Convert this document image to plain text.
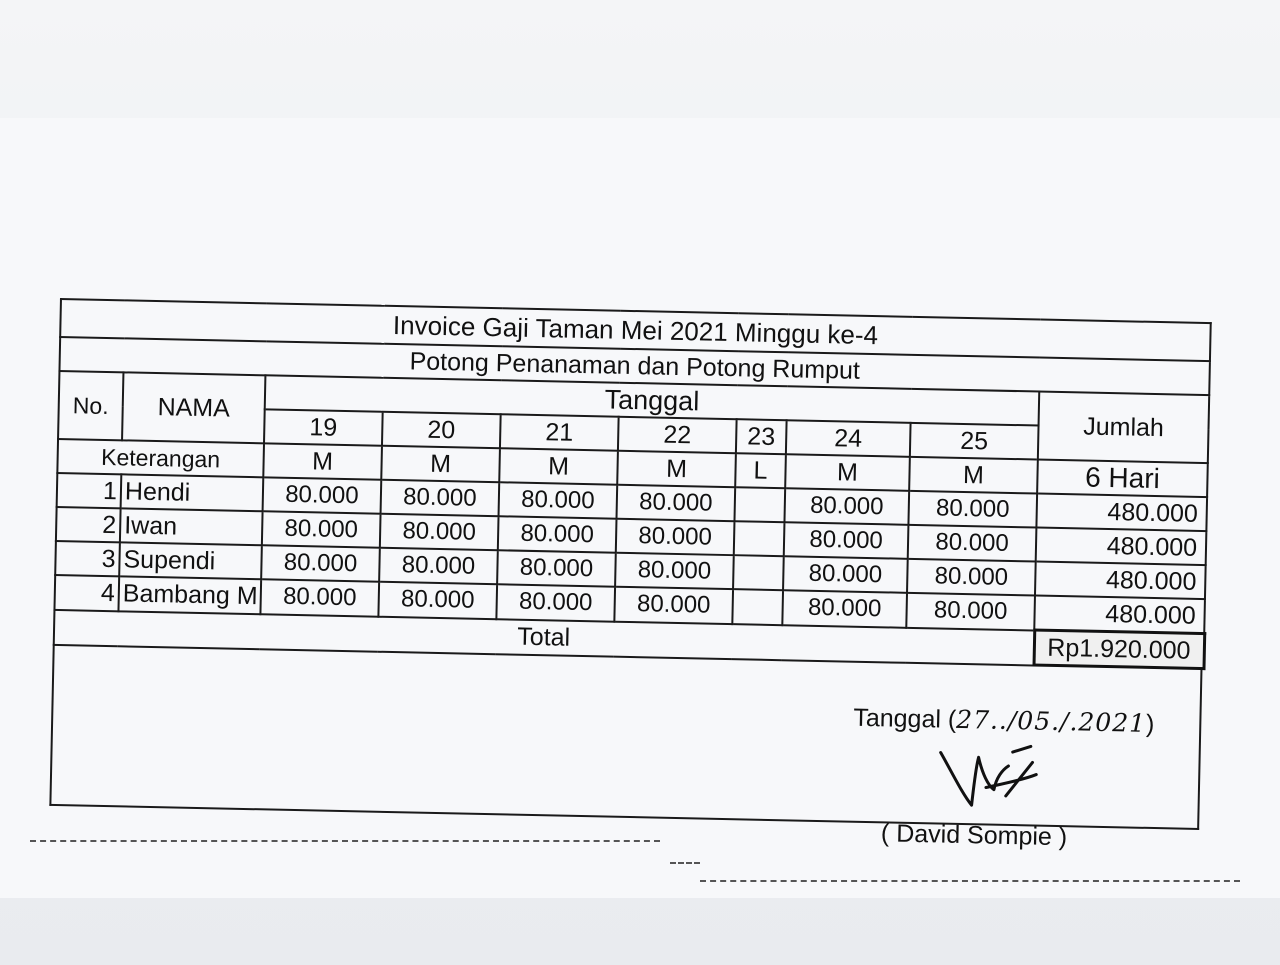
Invoice Gaji Taman Mei 2021 Minggu ke-4									
Potong Penanaman dan Potong Rumput									
No.	NAMA	Tanggal							Jumlah
		19	20	21	22	23	24	25	
Keterangan		M	M	M	M	L	M	M	6 Hari
1	Hendi	80.000	80.000	80.000	80.000		80.000	80.000	480.000
2	Iwan	80.000	80.000	80.000	80.000		80.000	80.000	480.000
3	Supendi	80.000	80.000	80.000	80.000		80.000	80.000	480.000
4	Bambang M	80.000	80.000	80.000	80.000		80.000	80.000	480.000
Total									Rp1.920.000
Tanggal (27../05./.2021)
( David Sompie )
